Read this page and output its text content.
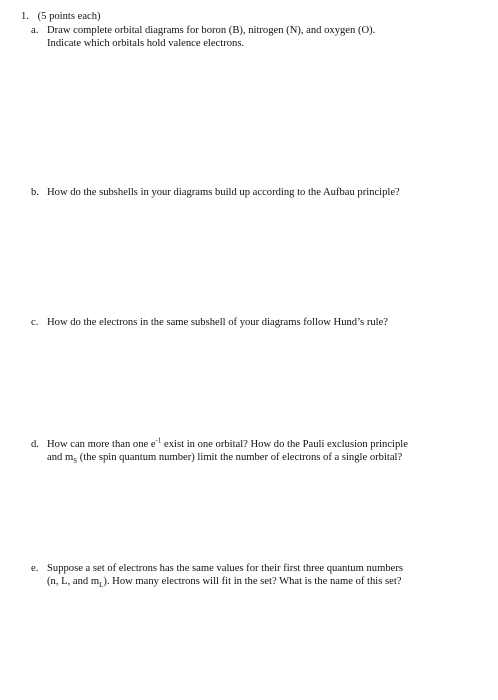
1. (5 points each)
a. Draw complete orbital diagrams for boron (B), nitrogen (N), and oxygen (O).
Indicate which orbitals hold valence electrons.
b. How do the subshells in your diagrams build up according to the Aufbau principle?
c. How do the electrons in the same subshell of your diagrams follow Hund’s rule?
d. How can more than one $e^{-1}$ exist in one orbital? How do the Pauli exclusion principle
and $m_S$ (the spin quantum number) limit the number of electrons of a single orbital?
e. Suppose a set of electrons has the same values for their first three quantum numbers
(n, L, and $m_L$). How many electrons will fit in the set? What is the name of this set?
